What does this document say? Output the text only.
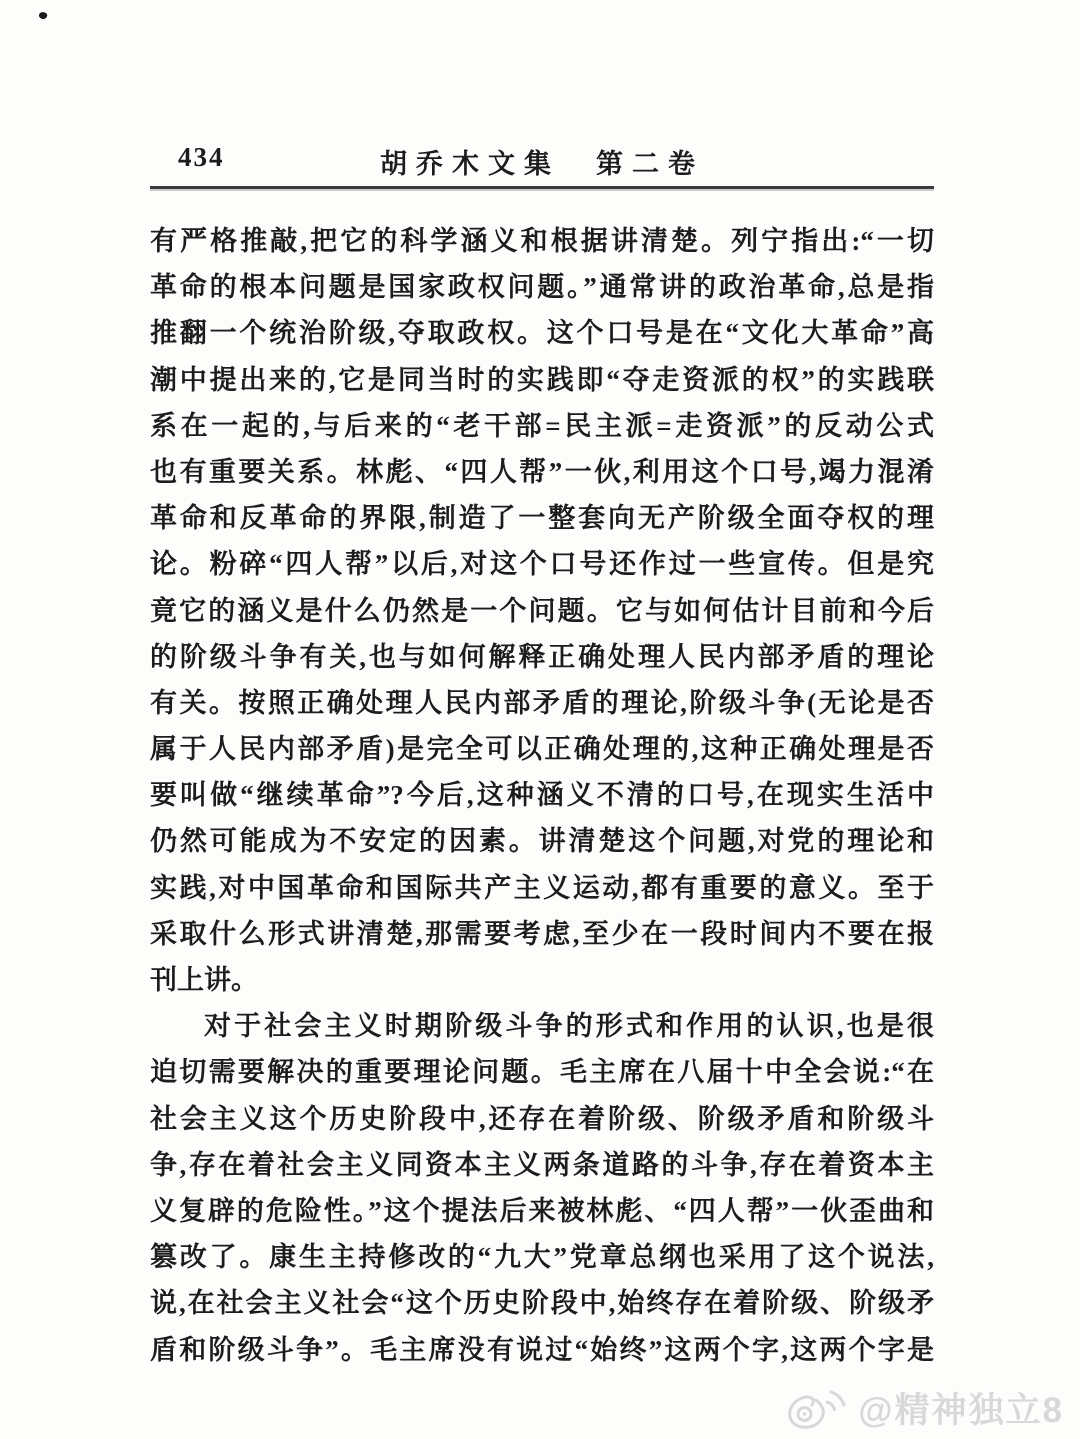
434	胡乔木文集　第二卷
有严格推敲,把它的科学涵义和根据讲清楚。列宁指出:“一切
革命的根本问题是国家政权问题。”通常讲的政治革命,总是指
推翻一个统治阶级,夺取政权。这个口号是在“文化大革命”高
潮中提出来的,它是同当时的实践即“夺走资派的权”的实践联
系在一起的,与后来的“老干部=民主派=走资派”的反动公式
也有重要关系。林彪、“四人帮”一伙,利用这个口号,竭力混淆
革命和反革命的界限,制造了一整套向无产阶级全面夺权的理
论。粉碎“四人帮”以后,对这个口号还作过一些宣传。但是究
竟它的涵义是什么仍然是一个问题。它与如何估计目前和今后
的阶级斗争有关,也与如何解释正确处理人民内部矛盾的理论
有关。按照正确处理人民内部矛盾的理论,阶级斗争(无论是否
属于人民内部矛盾)是完全可以正确处理的,这种正确处理是否
要叫做“继续革命”?今后,这种涵义不清的口号,在现实生活中
仍然可能成为不安定的因素。讲清楚这个问题,对党的理论和
实践,对中国革命和国际共产主义运动,都有重要的意义。至于
采取什么形式讲清楚,那需要考虑,至少在一段时间内不要在报
刊上讲。
对于社会主义时期阶级斗争的形式和作用的认识,也是很
迫切需要解决的重要理论问题。毛主席在八届十中全会说:“在
社会主义这个历史阶段中,还存在着阶级、阶级矛盾和阶级斗
争,存在着社会主义同资本主义两条道路的斗争,存在着资本主
义复辟的危险性。”这个提法后来被林彪、“四人帮”一伙歪曲和
篡改了。康生主持修改的“九大”党章总纲也采用了这个说法,
说,在社会主义社会“这个历史阶段中,始终存在着阶级、阶级矛
盾和阶级斗争”。毛主席没有说过“始终”这两个字,这两个字是
@精神独立8
